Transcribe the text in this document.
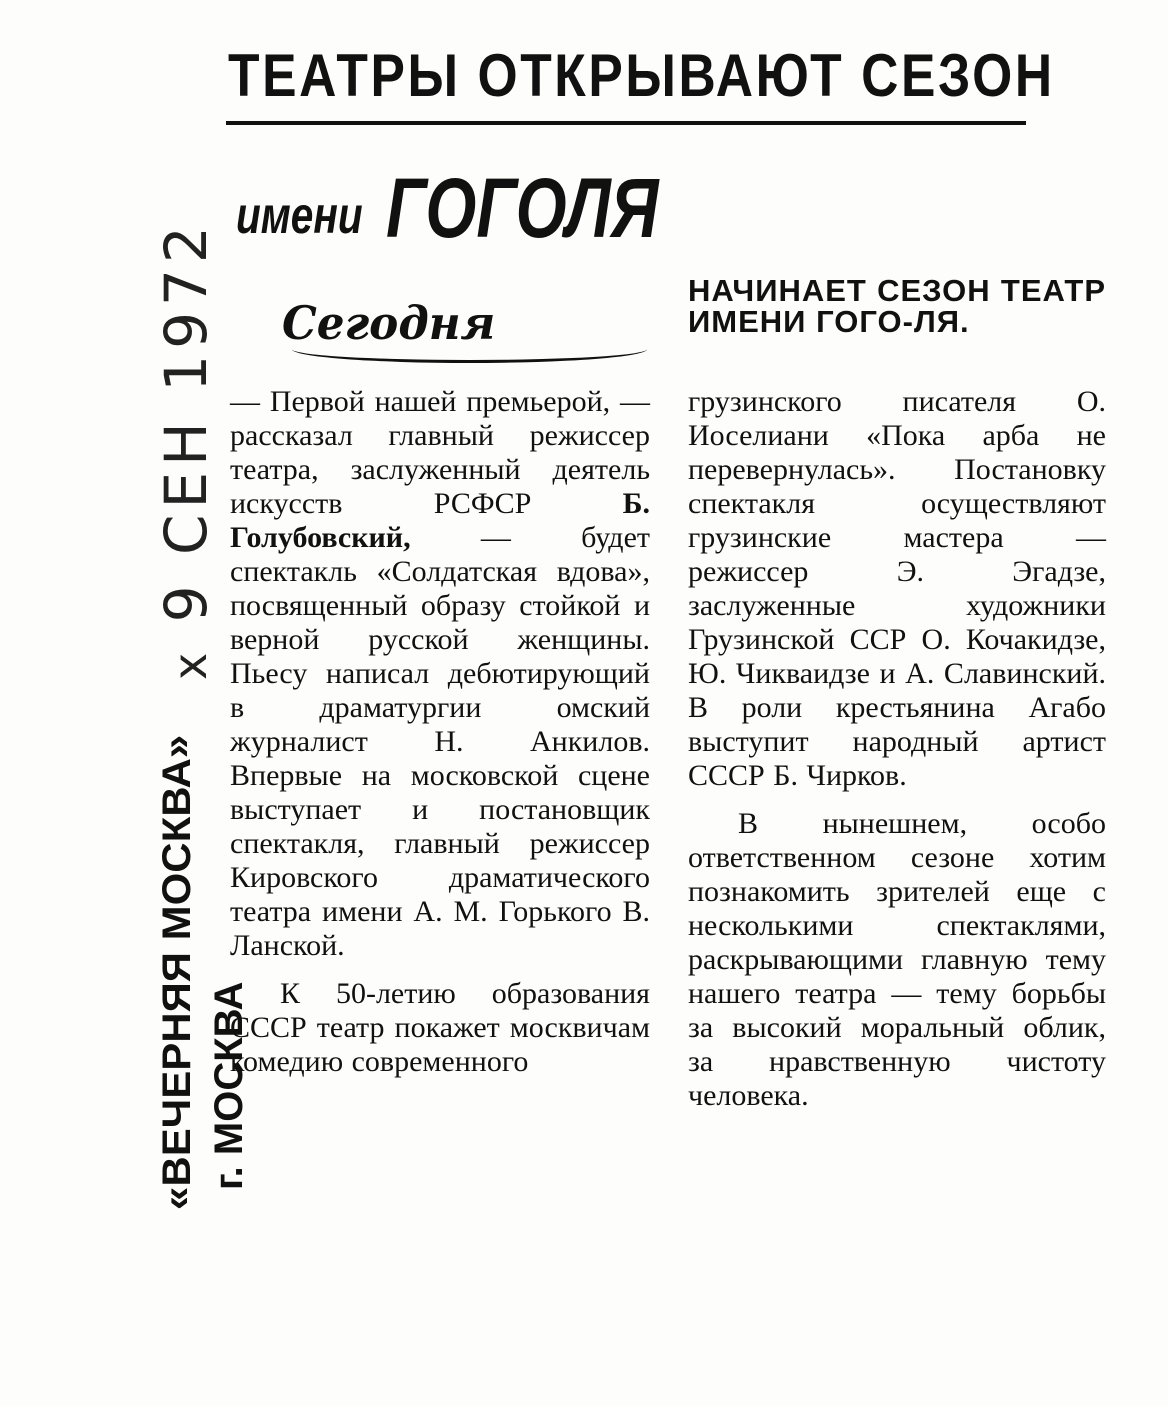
ТЕАТРЫ ОТКРЫВАЮТ СЕЗОН
имени ГОГОЛЯ
Сегодня

— Первой нашей премьерой, — рассказал главный режиссер театра, заслуженный деятель искусств РСФСР Б. Голубовский, — будет спектакль «Солдатская вдова», посвященный образу стойкой и верной русской женщины. Пьесу написал дебютирующий в драматургии омский журналист Н. Анкилов. Впервые на московской сцене выступает и постановщик спектакля, главный режиссер Кировского драматического театра имени А. М. Горького В. Ланской.

К 50-летию образования СССР театр покажет москвичам комедию современного

НАЧИНАЕТ СЕЗОН ТЕАТР ИМЕНИ ГОГО-ЛЯ.

грузинского писателя О. Иоселиани «Пока арба не перевернулась». Постановку спектакля осуществляют грузинские мастера — режиссер Э. Эгадзе, заслуженные художники Грузинской ССР О. Кочакидзе, Ю. Чикваидзе и А. Славинский. В роли крестьянина Агабо выступит народный артист СССР Б. Чирков.

В нынешнем, особо ответственном сезоне хотим познакомить зрителей еще с несколькими спектаклями, раскрывающими главную тему нашего театра — тему борьбы за высокий моральный облик, за нравственную чистоту человека.

«ВЕЧЕРНЯЯ МОСКВА» г. МОСКВА
x 9 СЕН 1972
